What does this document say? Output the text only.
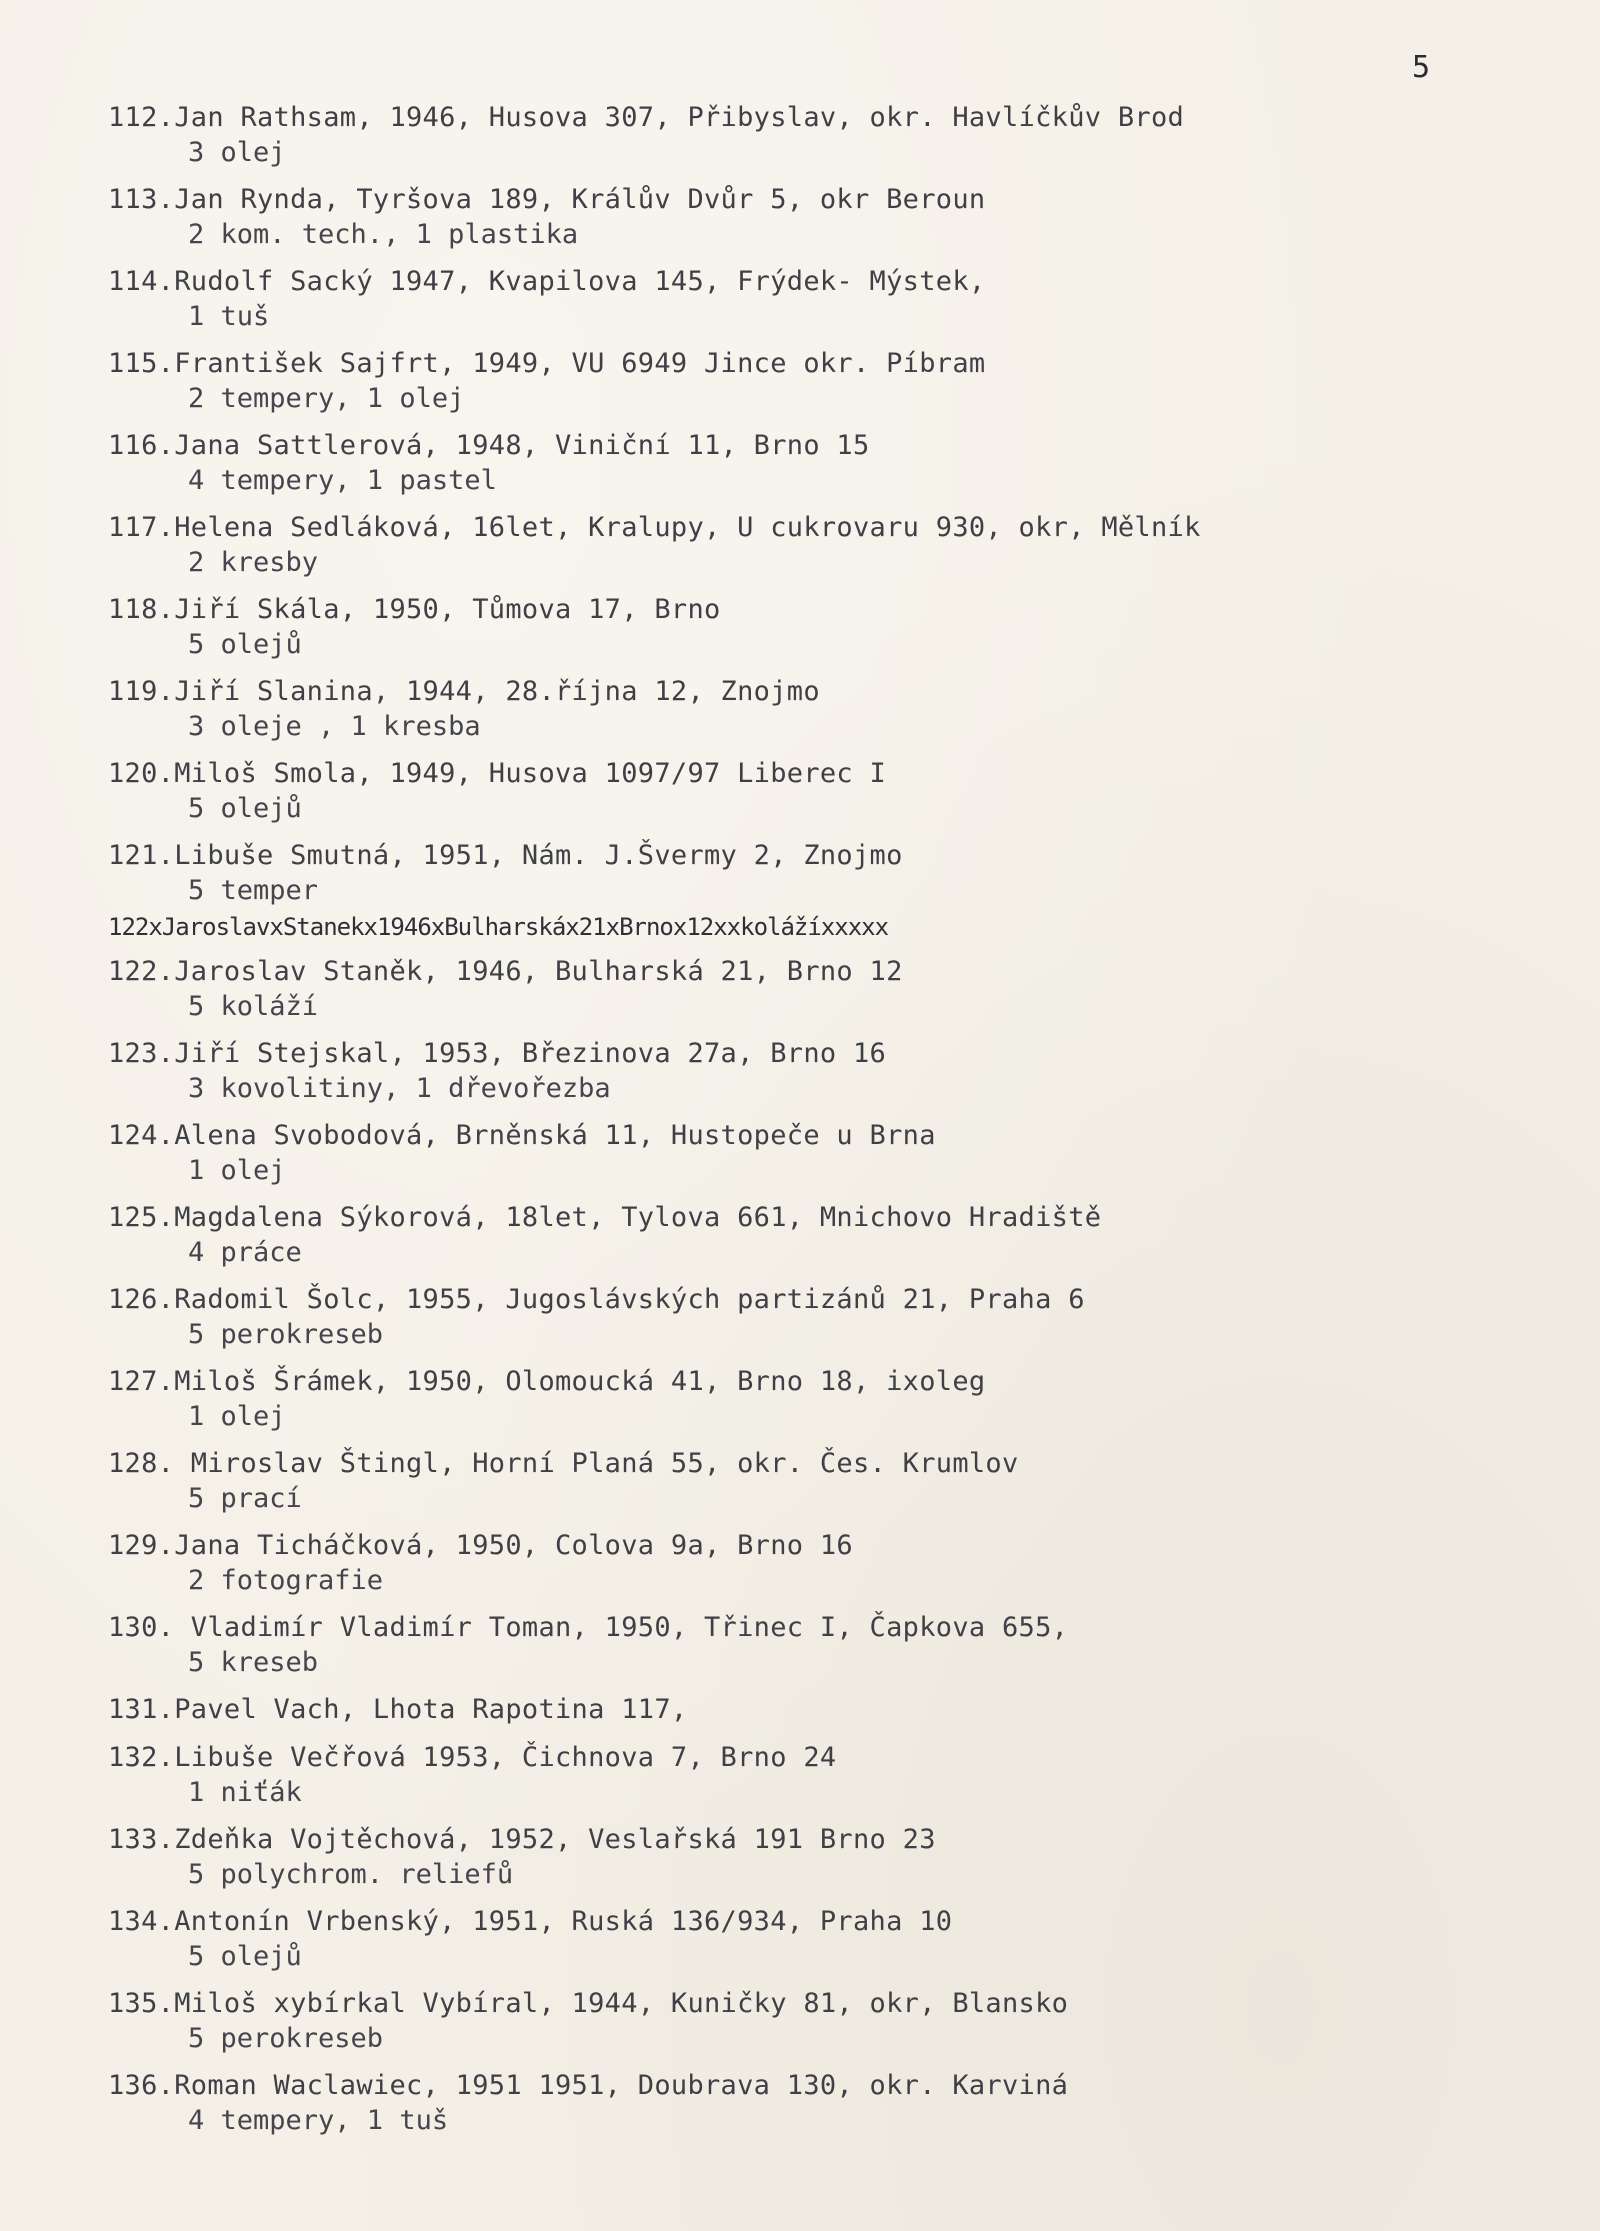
5
112.Jan Rathsam, 1946, Husova 307, Přibyslav, okr. Havlíčkův Brod
3 olej
113.Jan Rynda, Tyršova 189, Králův Dvůr 5, okr Beroun
2 kom. tech., 1 plastika
114.Rudolf Sacký 1947, Kvapilova 145, Frýdek- Mýstek,
1 tuš
115.František Sajfrt, 1949, VU 6949 Jince okr. Píbram
2 tempery, 1 olej
116.Jana Sattlerová, 1948, Viniční 11, Brno 15
4 tempery, 1 pastel
117.Helena Sedláková, 16let, Kralupy, U cukrovaru 930, okr, Mělník
2 kresby
118.Jiří Skála, 1950, Tůmova 17, Brno
5 olejů
119.Jiří Slanina, 1944, 28.října 12, Znojmo
3 oleje , 1 kresba
120.Miloš Smola, 1949, Husova 1097/97 Liberec I
5 olejů
121.Libuše Smutná, 1951, Nám. J.Švermy 2, Znojmo
5 temper
122xJaroslavxStanekx1946xBulharskáx21xBrnox12xxkolážíxxxxx
122.Jaroslav Staněk, 1946, Bulharská 21, Brno 12
5 koláží
123.Jiří Stejskal, 1953, Březinova 27a, Brno 16
3 kovolitiny, 1 dřevořezba
124.Alena Svobodová, Brněnská 11, Hustopeče u Brna
1 olej
125.Magdalena Sýkorová, 18let, Tylova 661, Mnichovo Hradiště
4 práce
126.Radomil Šolc, 1955, Jugoslávských partizánů 21, Praha 6
5 perokreseb
127.Miloš Šrámek, 1950, Olomoucká 41, Brno 18, ixoleg
1 olej
128. Miroslav Štingl, Horní Planá 55, okr. Čes. Krumlov
5 prací
129.Jana Ticháčková, 1950, Colova 9a, Brno 16
2 fotografie
130. Vladimír Vladimír Toman, 1950, Třinec I, Čapkova 655,
5 kreseb
131.Pavel Vach, Lhota Rapotina 117,
132.Libuše Večřová 1953, Čichnova 7, Brno 24
1 niťák
133.Zdeňka Vojtěchová, 1952, Veslařská 191 Brno 23
5 polychrom. reliefů
134.Antonín Vrbenský, 1951, Ruská 136/934, Praha 10
5 olejů
135.Miloš xybírkal Vybíral, 1944, Kuničky 81, okr, Blansko
5 perokreseb
136.Roman Waclawiec, 1951 1951, Doubrava 130, okr. Karviná
4 tempery, 1 tuš
